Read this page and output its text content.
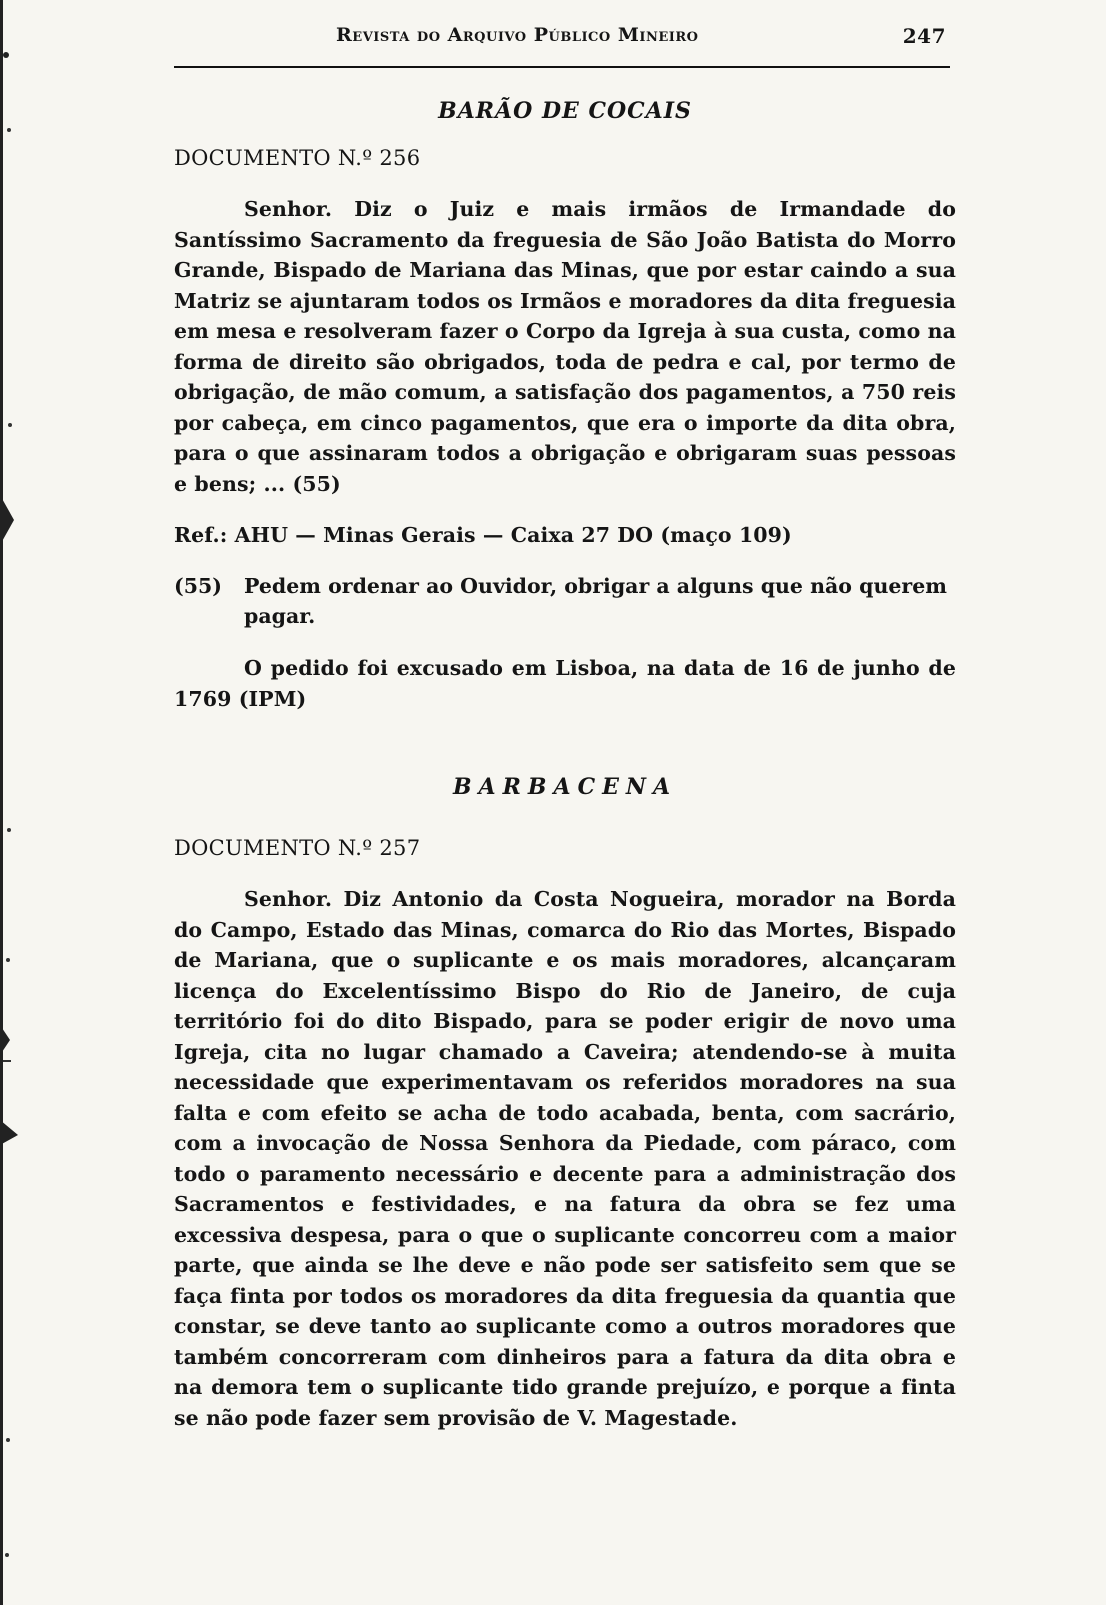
Revista do Arquivo Público Mineiro	247
BARÃO DE COCAIS
DOCUMENTO N.º 256

Senhor. Diz o Juiz e mais irmãos de Irmandade do Santíssimo Sacramento da freguesia de São João Batista do Morro Grande, Bispado de Mariana das Minas, que por estar caindo a sua Matriz se ajuntaram todos os Irmãos e moradores da dita freguesia em mesa e resolveram fazer o Corpo da Igreja à sua custa, como na forma de direito são obrigados, toda de pedra e cal, por termo de obrigação, de mão comum, a satisfação dos pagamentos, a 750 reis por cabeça, em cinco pagamentos, que era o importe da dita obra, para o que assinaram todos a obrigação e obrigaram suas pessoas e bens; ... (55)

Ref.: AHU — Minas Gerais — Caixa 27 DO (maço 109)
(55)	Pedem ordenar ao Ouvidor, obrigar a alguns que não querem pagar.

O pedido foi excusado em Lisboa, na data de 16 de junho de 1769 (IPM)

BARBACENA
DOCUMENTO N.º 257

Senhor. Diz Antonio da Costa Nogueira, morador na Borda do Campo, Estado das Minas, comarca do Rio das Mortes, Bispado de Mariana, que o suplicante e os mais moradores, alcançaram licença do Excelentíssimo Bispo do Rio de Janeiro, de cuja território foi do dito Bispado, para se poder erigir de novo uma Igreja, cita no lugar chamado a Caveira; atendendo-se à muita necessidade que experimentavam os referidos moradores na sua falta e com efeito se acha de todo acabada, benta, com sacrário, com a invocação de Nossa Senhora da Piedade, com páraco, com todo o paramento necessário e decente para a administração dos Sacramentos e festividades, e na fatura da obra se fez uma excessiva despesa, para o que o suplicante concorreu com a maior parte, que ainda se lhe deve e não pode ser satisfeito sem que se faça finta por todos os moradores da dita freguesia da quantia que constar, se deve tanto ao suplicante como a outros moradores que também concorreram com dinheiros para a fatura da dita obra e na demora tem o suplicante tido grande prejuízo, e porque a finta se não pode fazer sem provisão de V. Magestade.
